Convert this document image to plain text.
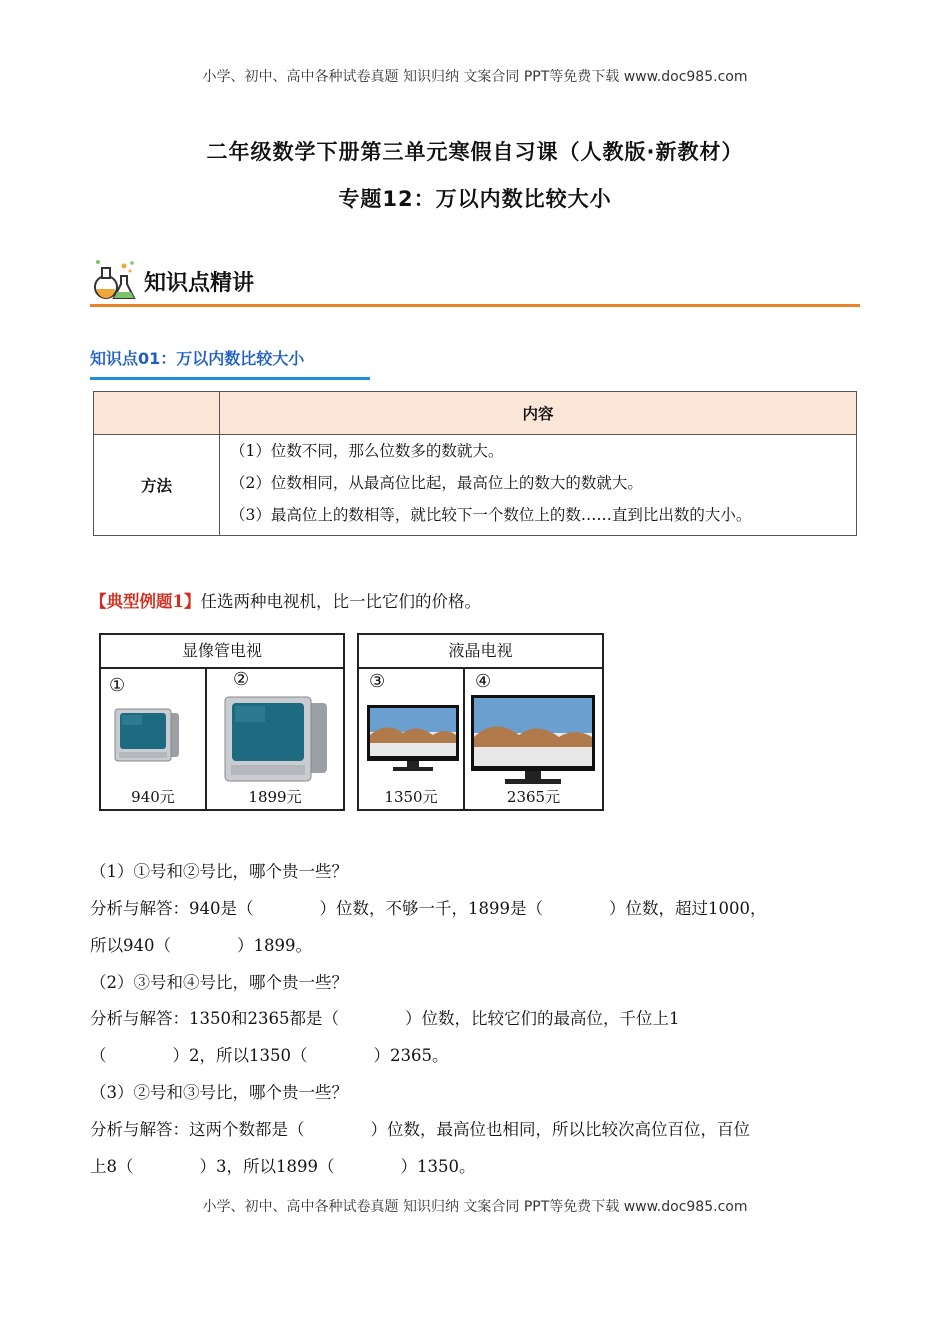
小学、初中、高中各种试卷真题 知识归纳 文案合同 PPT等免费下载 www.doc985.com
二年级数学下册第三单元寒假自习课（人教版·新教材）
专题12：万以内数比较大小
知识点精讲
知识点01：万以内数比较大小
	内容
方法	（1）位数不同，那么位数多的数就大。

（2）位数相同，从最高位比起，最高位上的数大的数就大。

（3）最高位上的数相等，就比较下一个数位上的数……直到比出数的大小。

【典型例题1】任选两种电视机，比一比它们的价格。
显像管电视
①
940元
②
1899元
液晶电视
③
1350元
④
2365元
（1）①号和②号比，哪个贵一些？
分析与解答：940是（　　　　）位数，不够一千，1899是（　　　　）位数，超过1000，
所以940（　　　　）1899。
（2）③号和④号比，哪个贵一些？
分析与解答：1350和2365都是（　　　　）位数，比较它们的最高位，千位上1
（　　　　）2，所以1350（　　　　）2365。
（3）②号和③号比，哪个贵一些？
分析与解答：这两个数都是（　　　　）位数，最高位也相同，所以比较次高位百位，百位
上8（　　　　）3，所以1899（　　　　）1350。
小学、初中、高中各种试卷真题 知识归纳 文案合同 PPT等免费下载 www.doc985.com
